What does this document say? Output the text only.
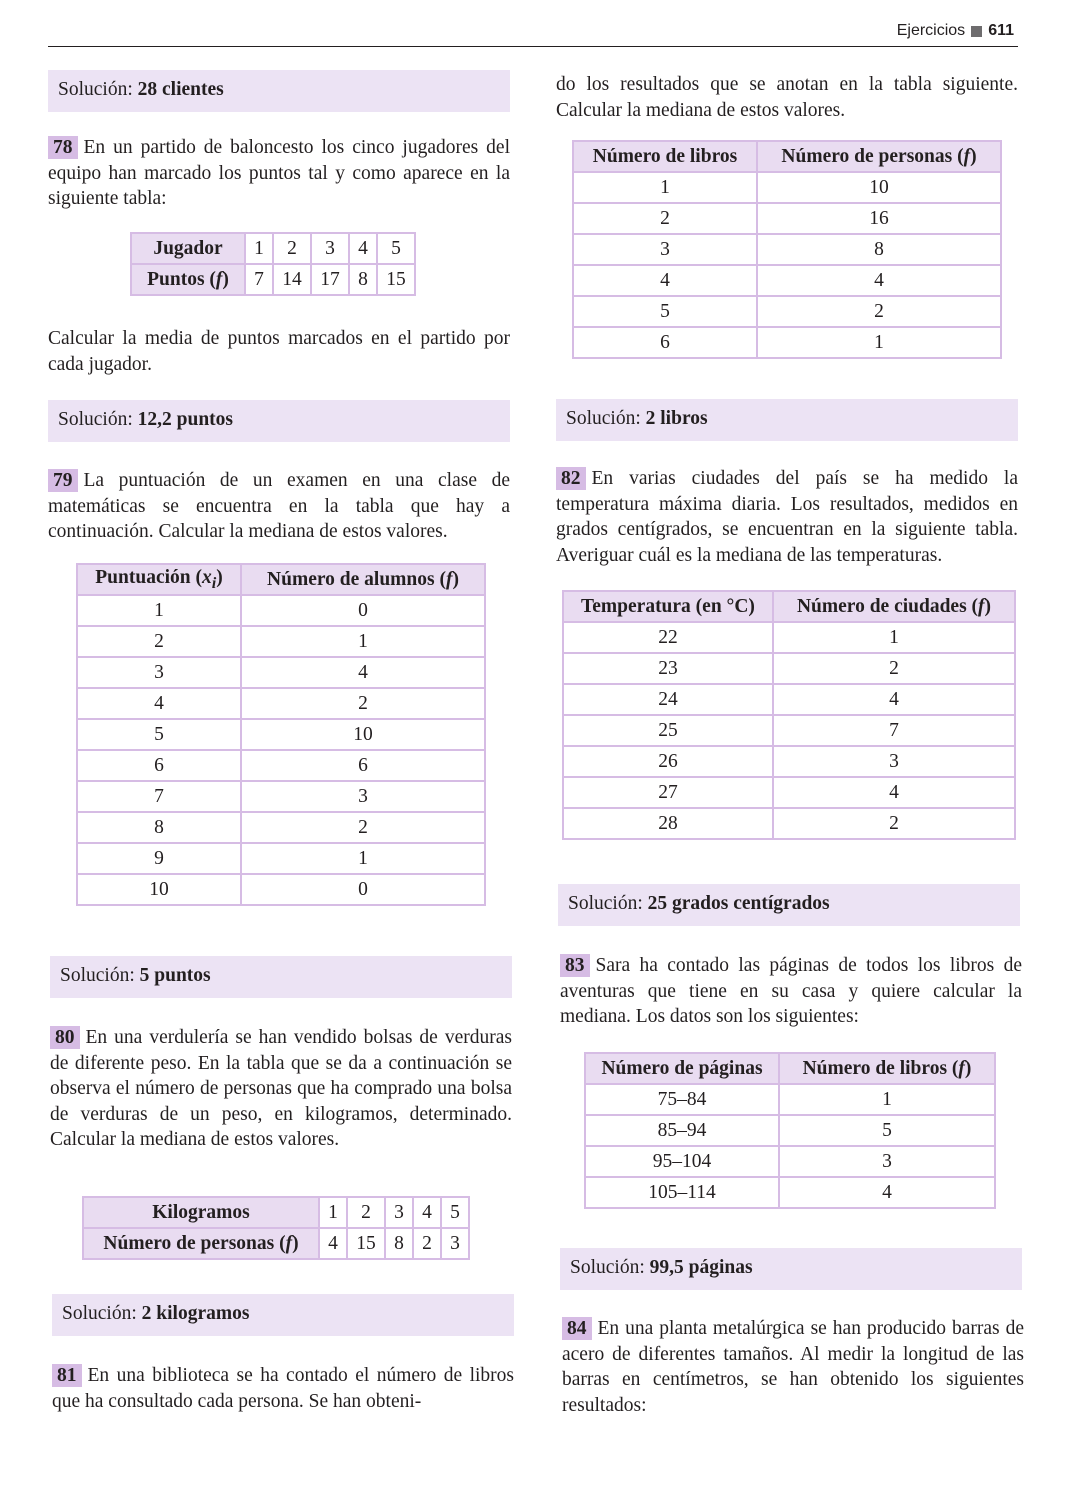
Ejercicios 611
Solución: 28 clientes

78 En un partido de baloncesto los cinco jugadores del equipo han marcado los puntos tal y como aparece en la siguiente tabla:

Jugador	1	2	3	4	5
Puntos (f)	7	14	17	8	15

Calcular la media de puntos marcados en el partido por cada jugador.

Solución: 12,2 puntos

79 La puntuación de un examen en una clase de matemáticas se encuentra en la tabla que hay a continuación. Calcular la mediana de estos valores.

Puntuación $(x_i)$	Número de alumnos (f)
1	0
2	1
3	4
4	2
5	10
6	6
7	3
8	2
9	1
10	0
Solución: 5 puntos

80 En una verdulería se han vendido bolsas de verduras de diferente peso. En la tabla que se da a continuación se observa el número de personas que ha comprado una bolsa de verduras de un peso, en kilogramos, determinado. Calcular la mediana de estos valores.

Kilogramos	1	2	3	4	5
Número de personas (f)	4	15	8	2	3
Solución: 2 kilogramos

81 En una biblioteca se ha contado el número de libros que ha consultado cada persona. Se han obteni-

do los resultados que se anotan en la tabla siguiente. Calcular la mediana de estos valores.

Número de libros	Número de personas (f)
1	10
2	16
3	8
4	4
5	2
6	1
Solución: 2 libros

82 En varias ciudades del país se ha medido la temperatura máxima diaria. Los resultados, medidos en grados centígrados, se encuentran en la siguiente tabla. Averiguar cuál es la mediana de las temperaturas.

Temperatura (en °C)	Número de ciudades (f)
22	1
23	2
24	4
25	7
26	3
27	4
28	2
Solución: 25 grados centígrados

83 Sara ha contado las páginas de todos los libros de aventuras que tiene en su casa y quiere calcular la mediana. Los datos son los siguientes:

Número de páginas	Número de libros (f)
75–84	1
85–94	5
95–104	3
105–114	4
Solución: 99,5 páginas

84 En una planta metalúrgica se han producido barras de acero de diferentes tamaños. Al medir la longitud de las barras en centímetros, se han obtenido los siguientes resultados:
